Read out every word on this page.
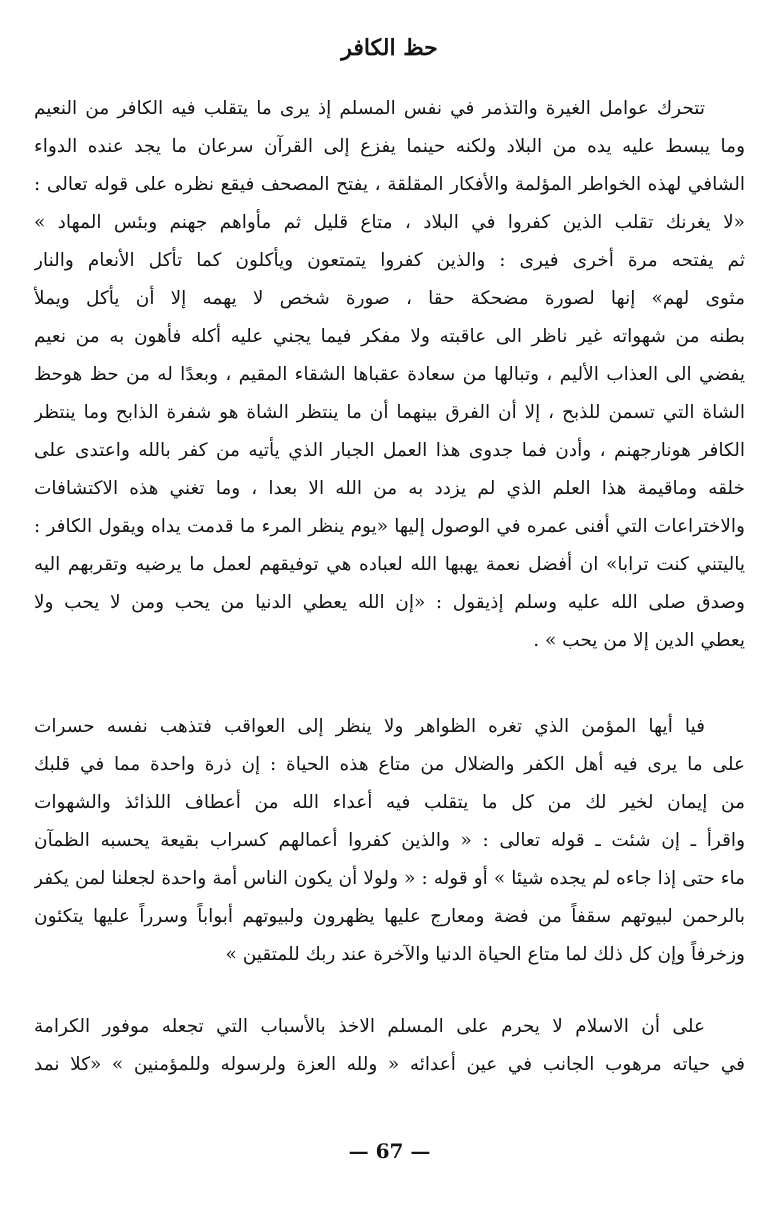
حظ الكافر
تتحرك عوامل الغيرة والتذمر في نفس المسلم إذ يرى ما يتقلب فيه الكافر من النعيم
وما يبسط عليه يده من البلاد ولكنه حينما يفزع إلى القرآن سرعان ما يجد عنده الدواء
الشافي لهذه الخواطر المؤلمة والأفكار المقلقة ، يفتح المصحف فيقع نظره على قوله تعالى :
«لا يغرنك تقلب الذين كفروا في البلاد ، متاع قليل ثم مأواهم جهنم وبئس المهاد »
ثم يفتحه مرة أخرى فيرى : والذين كفروا يتمتعون ويأكلون كما تأكل الأنعام والنار
مثوى لهم» إنها لصورة مضحكة حقا ، صورة شخص لا يهمه إلا أن يأكل ويملأ
بطنه من شهواته غير ناظر الى عاقبته ولا مفكر فيما يجني عليه أكله فأهون به من نعيم
يفضي الى العذاب الأليم ، وتبالها من سعادة عقباها الشقاء المقيم ، وبعدًا له من حظ هوحظ
الشاة التي تسمن للذبح ، إلا أن الفرق بينهما أن ما ينتظر الشاة هو شفرة الذابح وما ينتظر
الكافر هونارجهنم ، وأدن فما جدوى هذا العمل الجبار الذي يأتيه من كفر بالله واعتدى على
خلقه وماقيمة هذا العلم الذي لم يزدد به من الله الا بعدا ، وما تغني هذه الاكتشافات
والاختراعات التي أفنى عمره في الوصول إليها «يوم ينظر المرء ما قدمت يداه ويقول الكافر :
ياليتني كنت ترابا» ان أفضل نعمة يهبها الله لعباده هي توفيقهم لعمل ما يرضيه وتقربهم اليه
وصدق صلى الله عليه وسلم إذيقول : «إن الله يعطي الدنيا من يحب ومن لا يحب ولا
يعطي الدين إلا من يحب » .
فيا أيها المؤمن الذي تغره الظواهر ولا ينظر إلى العواقب فتذهب نفسه حسرات
على ما يرى فيه أهل الكفر والضلال من متاع هذه الحياة : إن ذرة واحدة مما في قلبك
من إيمان لخير لك من كل ما يتقلب فيه أعداء الله من أعطاف اللذائذ والشهوات
واقرأ ـ إن شئت ـ قوله تعالى : « والذين كفروا أعمالهم كسراب بقيعة يحسبه الظمآن
ماء حتى إذا جاءه لم يجده شيئا » أو قوله : « ولولا أن يكون الناس أمة واحدة لجعلنا لمن يكفر
بالرحمن لبيوتهم سقفاً من فضة ومعارج عليها يظهرون ولبيوتهم أبواباً وسرراً عليها يتكئون
وزخرفاً وإن كل ذلك لما متاع الحياة الدنيا والآخرة عند ربك للمتقين »
على أن الاسلام لا يحرم على المسلم الاخذ بالأسباب التي تجعله موفور الكرامة
في حياته مرهوب الجانب في عين أعدائه « ولله العزة ولرسوله وللمؤمنين » «كلا نمد
— 67 —
